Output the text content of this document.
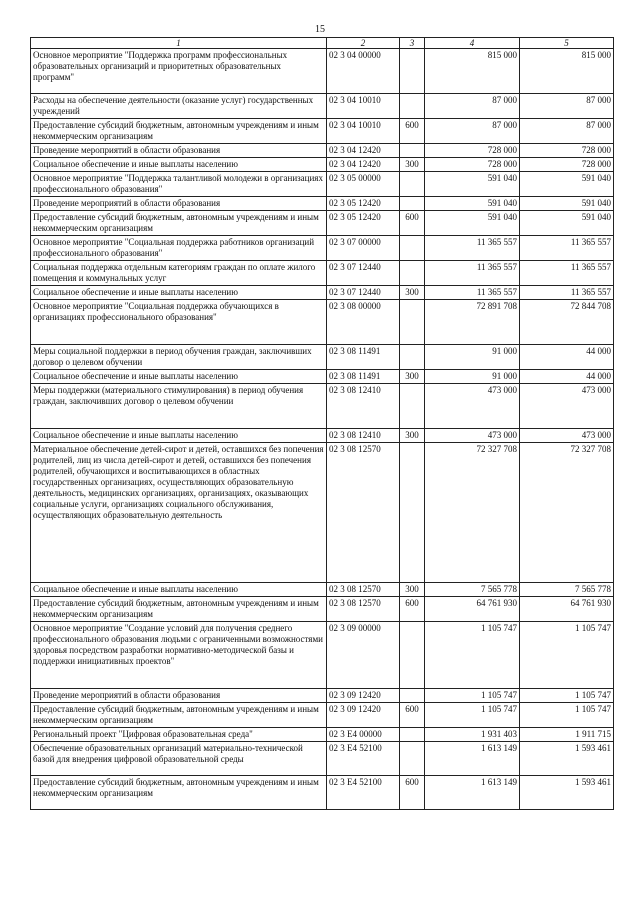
15
1	2	3	4	5
Основное мероприятие "Поддержка программ профессиональных образовательных организаций и приоритетных образовательных программ"	02 3 04 00000		815 000	815 000
Расходы на обеспечение деятельности (оказание услуг) государственных учреждений	02 3 04 10010		87 000	87 000
Предоставление субсидий бюджетным, автономным учреждениям и иным некоммерческим организациям	02 3 04 10010	600	87 000	87 000
Проведение мероприятий в области образования	02 3 04 12420		728 000	728 000
Социальное обеспечение и иные выплаты населению	02 3 04 12420	300	728 000	728 000
Основное мероприятие "Поддержка талантливой молодежи в организациях профессионального образования"	02 3 05 00000		591 040	591 040
Проведение мероприятий в области образования	02 3 05 12420		591 040	591 040
Предоставление субсидий бюджетным, автономным учреждениям и иным некоммерческим организациям	02 3 05 12420	600	591 040	591 040
Основное мероприятие "Социальная поддержка работников организаций профессионального образования"	02 3 07 00000		11 365 557	11 365 557
Социальная поддержка отдельным категориям граждан по оплате жилого помещения и коммунальных услуг	02 3 07 12440		11 365 557	11 365 557
Социальное обеспечение и иные выплаты населению	02 3 07 12440	300	11 365 557	11 365 557
Основное мероприятие "Социальная поддержка обучающихся в организациях профессионального образования"	02 3 08 00000		72 891 708	72 844 708
Меры социальной поддержки в период обучения граждан, заключивших договор о целевом обучении	02 3 08 11491		91 000	44 000
Социальное обеспечение и иные выплаты населению	02 3 08 11491	300	91 000	44 000
Меры поддержки (материального стимулирования) в период обучения граждан, заключивших договор о целевом обучении	02 3 08 12410		473 000	473 000
Социальное обеспечение и иные выплаты населению	02 3 08 12410	300	473 000	473 000
Материальное обеспечение детей-сирот и детей, оставшихся без попечения родителей, лиц из числа детей-сирот и детей, оставшихся без попечения родителей, обучающихся и воспитывающихся в областных государственных организациях, осуществляющих образовательную деятельность, медицинских организациях, организациях, оказывающих социальные услуги, организациях социального обслуживания, осуществляющих образовательную деятельность	02 3 08 12570		72 327 708	72 327 708
Социальное обеспечение и иные выплаты населению	02 3 08 12570	300	7 565 778	7 565 778
Предоставление субсидий бюджетным, автономным учреждениям и иным некоммерческим организациям	02 3 08 12570	600	64 761 930	64 761 930
Основное мероприятие "Создание условий для получения среднего профессионального образования людьми с ограниченными возможностями здоровья посредством разработки нормативно-методической базы и поддержки инициативных проектов"	02 3 09 00000		1 105 747	1 105 747
Проведение мероприятий в области образования	02 3 09 12420		1 105 747	1 105 747
Предоставление субсидий бюджетным, автономным учреждениям и иным некоммерческим организациям	02 3 09 12420	600	1 105 747	1 105 747
Региональный проект "Цифровая образовательная среда"	02 3 E4 00000		1 931 403	1 911 715
Обеспечение образовательных организаций материально-технической базой для внедрения цифровой образовательной среды	02 3 E4 52100		1 613 149	1 593 461
Предоставление субсидий бюджетным, автономным учреждениям и иным некоммерческим организациям	02 3 E4 52100	600	1 613 149	1 593 461
